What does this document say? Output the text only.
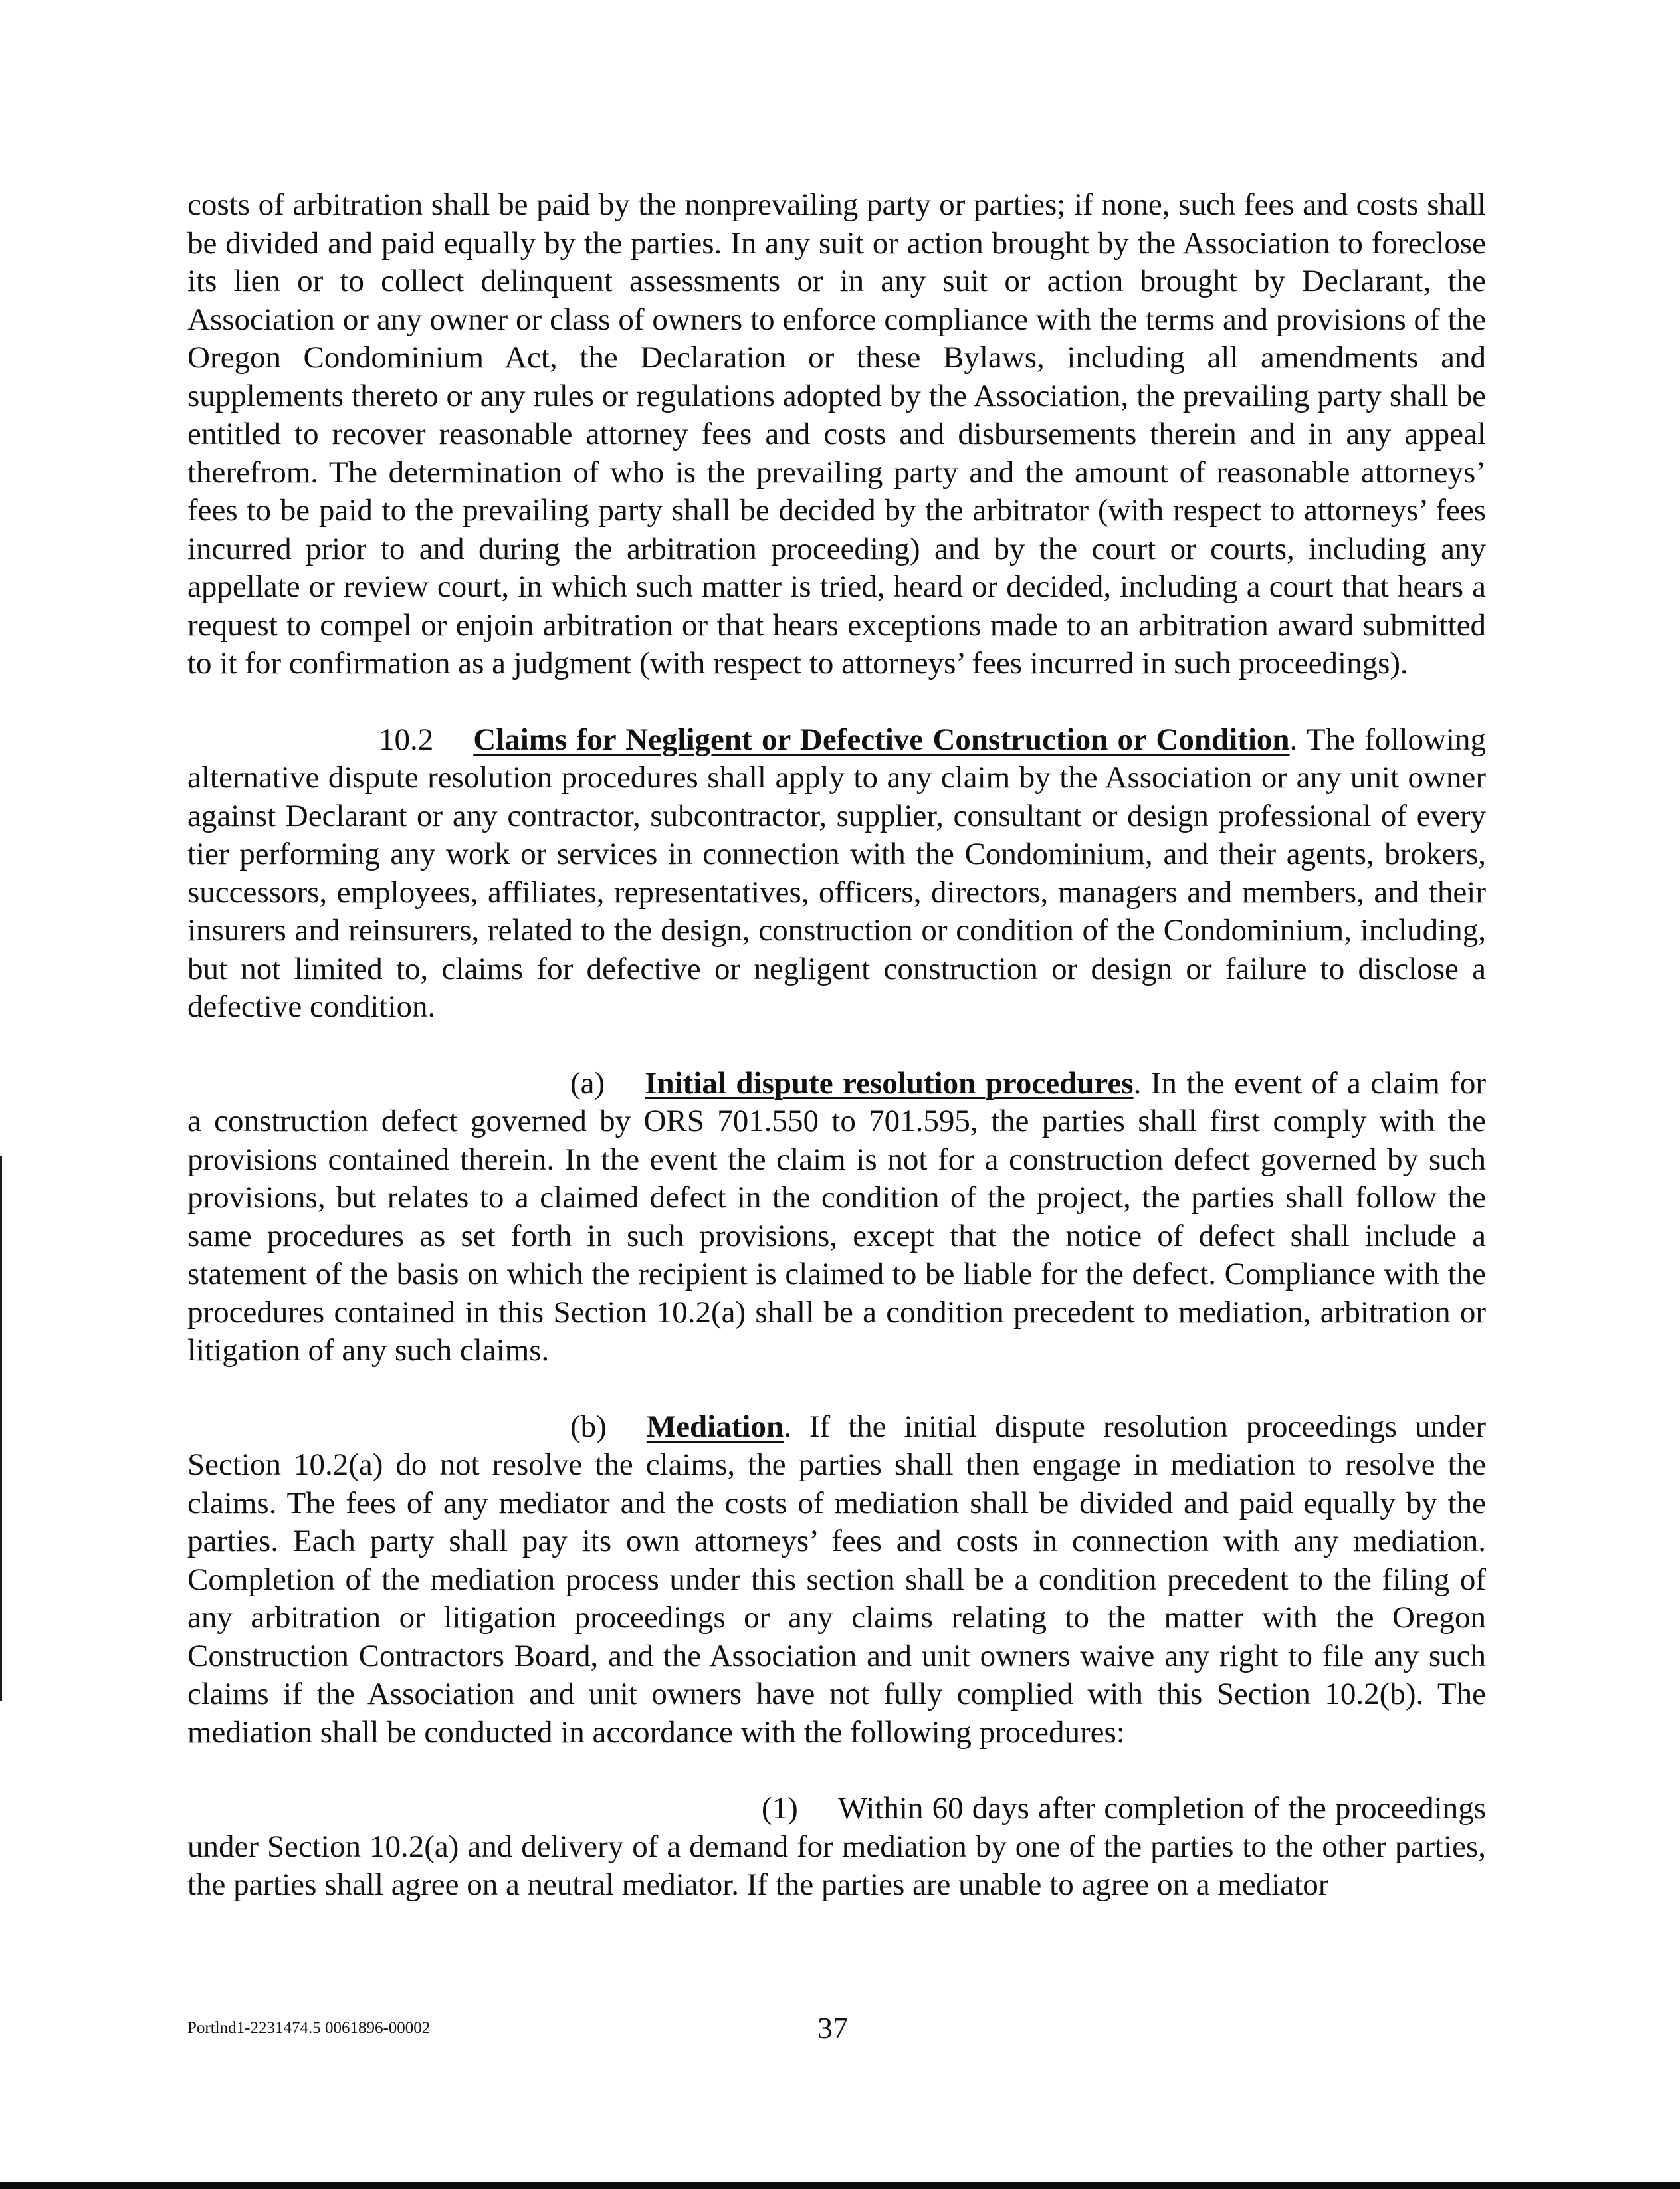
costs of arbitration shall be paid by the nonprevailing party or parties; if none, such fees and costs shall be divided and paid equally by the parties. In any suit or action brought by the Association to foreclose its lien or to collect delinquent assessments or in any suit or action brought by Declarant, the Association or any owner or class of owners to enforce compliance with the terms and provisions of the Oregon Condominium Act, the Declaration or these Bylaws, including all amendments and supplements thereto or any rules or regulations adopted by the Association, the prevailing party shall be entitled to recover reasonable attorney fees and costs and disbursements therein and in any appeal therefrom. The determination of who is the prevailing party and the amount of reasonable attorneys’ fees to be paid to the prevailing party shall be decided by the arbitrator (with respect to attorneys’ fees incurred prior to and during the arbitration proceeding) and by the court or courts, including any appellate or review court, in which such matter is tried, heard or decided, including a court that hears a request to compel or enjoin arbitration or that hears exceptions made to an arbitration award submitted to it for confirmation as a judgment (with respect to attorneys’ fees incurred in such proceedings).

10.2 Claims for Negligent or Defective Construction or Condition. The following alternative dispute resolution procedures shall apply to any claim by the Association or any unit owner against Declarant or any contractor, subcontractor, supplier, consultant or design professional of every tier performing any work or services in connection with the Condominium, and their agents, brokers, successors, employees, affiliates, representatives, officers, directors, managers and members, and their insurers and reinsurers, related to the design, construction or condition of the Condominium, including, but not limited to, claims for defective or negligent construction or design or failure to disclose a defective condition.

(a) Initial dispute resolution procedures. In the event of a claim for a construction defect governed by ORS 701.550 to 701.595, the parties shall first comply with the provisions contained therein. In the event the claim is not for a construction defect governed by such provisions, but relates to a claimed defect in the condition of the project, the parties shall follow the same procedures as set forth in such provisions, except that the notice of defect shall include a statement of the basis on which the recipient is claimed to be liable for the defect. Compliance with the procedures contained in this Section 10.2(a) shall be a condition precedent to mediation, arbitration or litigation of any such claims.

(b) Mediation. If the initial dispute resolution proceedings under Section 10.2(a) do not resolve the claims, the parties shall then engage in mediation to resolve the claims. The fees of any mediator and the costs of mediation shall be divided and paid equally by the parties. Each party shall pay its own attorneys’ fees and costs in connection with any mediation. Completion of the mediation process under this section shall be a condition precedent to the filing of any arbitration or litigation proceedings or any claims relating to the matter with the Oregon Construction Contractors Board, and the Association and unit owners waive any right to file any such claims if the Association and unit owners have not fully complied with this Section 10.2(b). The mediation shall be conducted in accordance with the following procedures:

(1) Within 60 days after completion of the proceedings under Section 10.2(a) and delivery of a demand for mediation by one of the parties to the other parties, the parties shall agree on a neutral mediator. If the parties are unable to agree on a mediator

Portlnd1-2231474.5 0061896-00002	37
